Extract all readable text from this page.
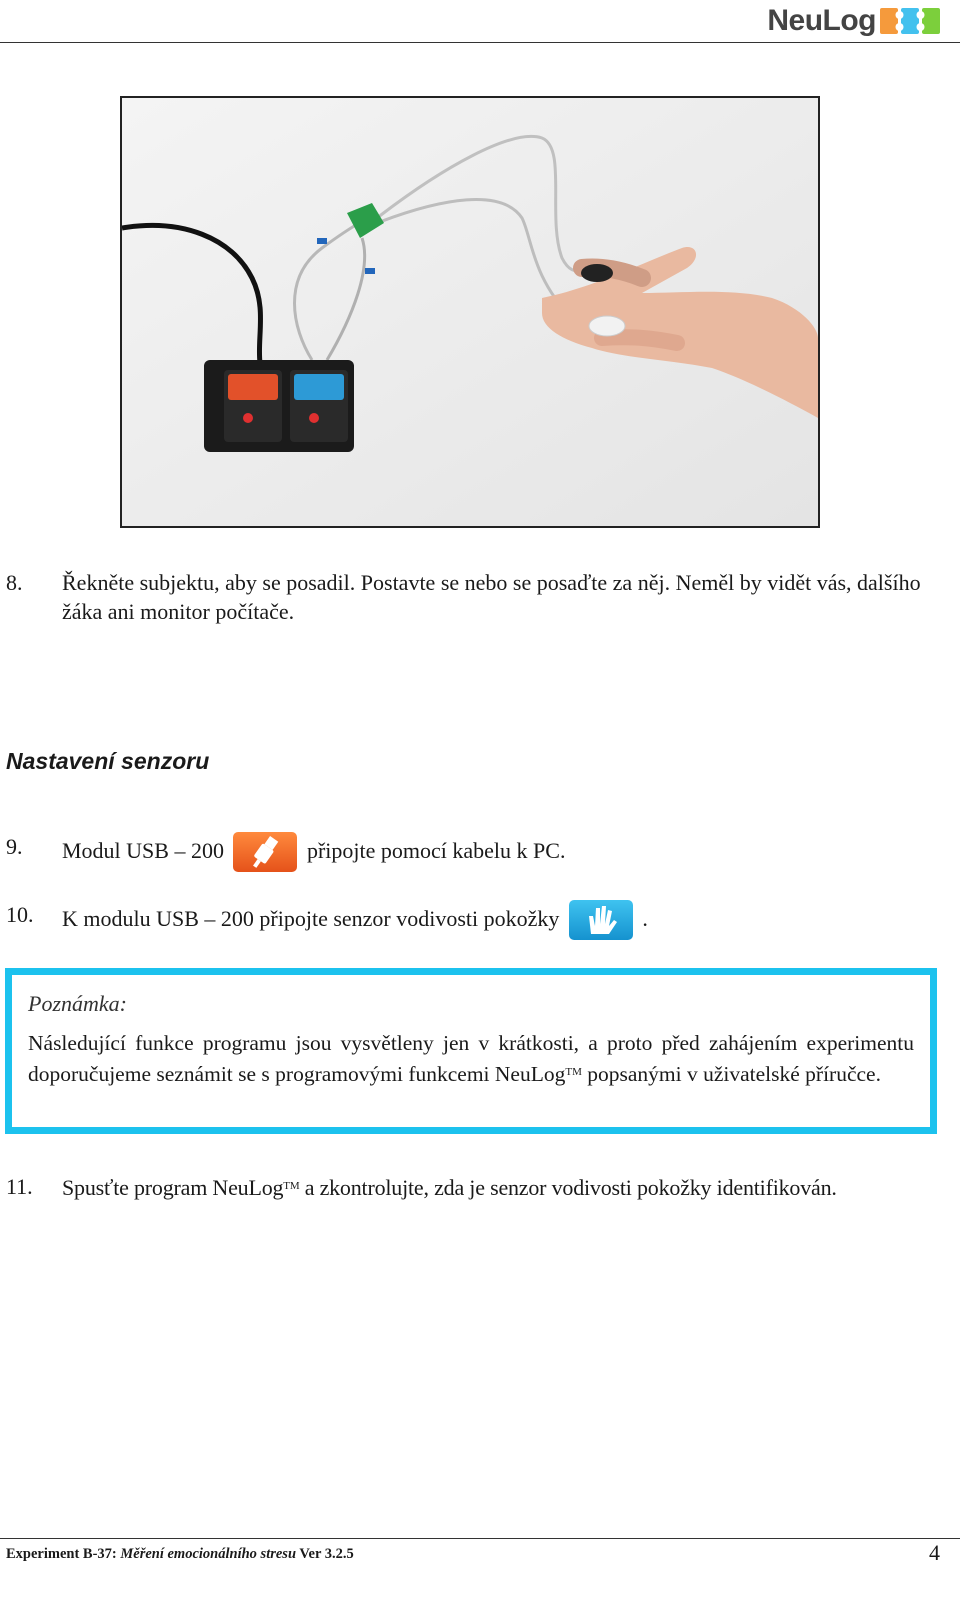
NeuLog
8. Řekněte subjektu, aby se posadil. Postavte se nebo se posaďte za něj. Neměl by vidět vás, dalšího žáka ani monitor počítače.
Nastavení senzoru
9. Modul USB – 200	připojte pomocí kabelu k PC.
10. K modulu USB – 200 připojte senzor vodivosti pokožky	.
Poznámka:
Následující funkce programu jsou vysvětleny jen v krátkosti, a proto před zahájením experimentu doporučujeme seznámit se s programovými funkcemi NeuLog™ popsanými v uživatelské příručce.
11. Spusťte program NeuLog™ a zkontrolujte, zda je senzor vodivosti pokožky identifikován.
Experiment B-37: Měření emocionálního stresu Ver 3.2.5	4
